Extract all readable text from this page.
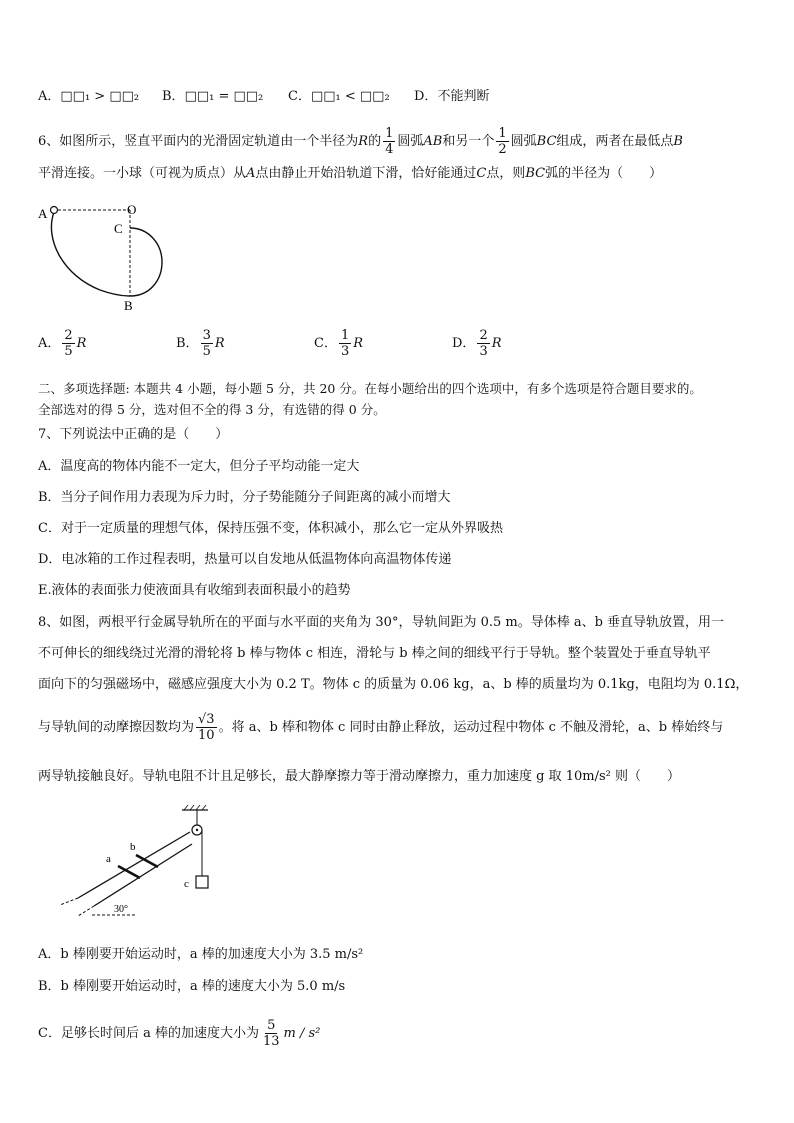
A．□□₁ > □□₂ B．□□₁ = □□₂ C．□□₁ < □□₂ D．不能判断
6、如图所示，竖直平面内的光滑固定轨道由一个半径为R的 $\frac{1}{4}$ 圆弧AB和另一个 $\frac{1}{2}$ 圆弧BC组成，两者在最低点B
平滑连接。一小球（可视为质点）从A点由静止开始沿轨道下滑，恰好能通过C点，则BC弧的半径为（　　）
A	O
C
B
A． $\frac{2}{5}$ R	B． $\frac{3}{5}$ R	C． $\frac{1}{3}$ R	D． $\frac{2}{3}$ R
二、多项选择题: 本题共 4 小题，每小题 5 分，共 20 分。在每小题给出的四个选项中，有多个选项是符合题目要求的。
全部选对的得 5 分，选对但不全的得 3 分，有选错的得 0 分。
7、下列说法中正确的是（　　）
A．温度高的物体内能不一定大，但分子平均动能一定大
B．当分子间作用力表现为斥力时，分子势能随分子间距离的减小而增大
C．对于一定质量的理想气体，保持压强不变，体积减小，那么它一定从外界吸热
D．电冰箱的工作过程表明，热量可以自发地从低温物体向高温物体传递
E.液体的表面张力使液面具有收缩到表面积最小的趋势
8、如图，两根平行金属导轨所在的平面与水平面的夹角为 30°，导轨间距为 0.5 m。导体棒 a、b 垂直导轨放置，用一
不可伸长的细线绕过光滑的滑轮将 b 棒与物体 c 相连，滑轮与 b 棒之间的细线平行于导轨。整个装置处于垂直导轨平
面向下的匀强磁场中，磁感应强度大小为 0.2 T。物体 c 的质量为 0.06 kg，a、b 棒的质量均为 0.1kg，电阻均为 0.1Ω，
与导轨间的动摩擦因数均为 $\frac{√3}{10}$ 。将 a、b 棒和物体 c 同时由静止释放，运动过程中物体 c 不触及滑轮，a、b 棒始终与
两导轨接触良好。导轨电阻不计且足够长，最大静摩擦力等于滑动摩擦力，重力加速度 g 取 10m/s² 则（　　）
a
b
c
30°
A．b 棒刚要开始运动时，a 棒的加速度大小为 3.5 m/s²
B．b 棒刚要开始运动时，a 棒的速度大小为 5.0 m/s
C．足够长时间后 a 棒的加速度大小为 $\frac{5}{13}$ m / s²
